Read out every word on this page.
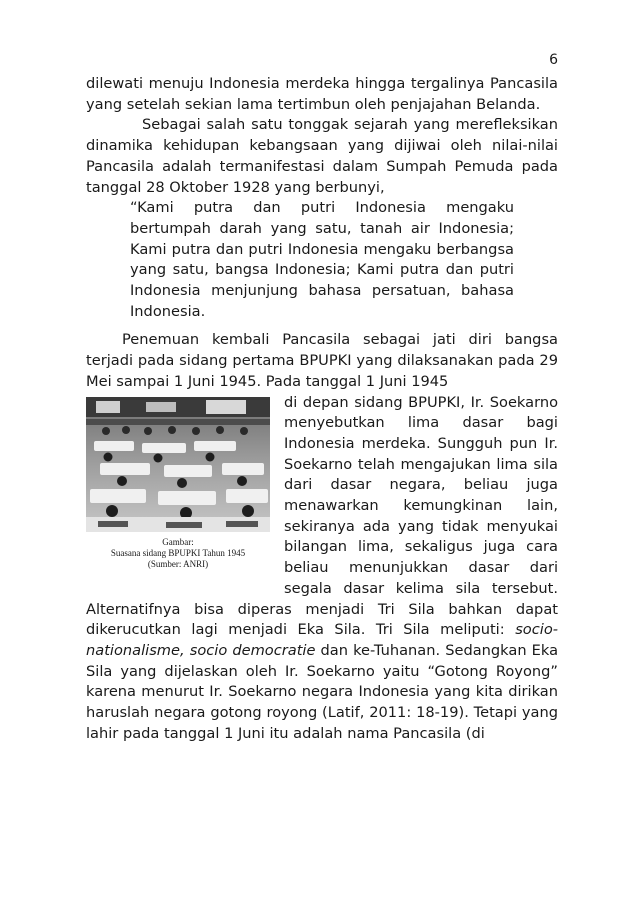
6

dilewati menuju Indonesia merdeka hingga tergalinya Pancasila yang setelah sekian lama tertimbun oleh penjajahan Belanda.

Sebagai salah satu tonggak sejarah yang merefleksikan dinamika kehidupan kebangsaan yang dijiwai oleh nilai-nilai Pancasila adalah termanifestasi dalam Sumpah Pemuda pada tanggal 28 Oktober 1928 yang berbunyi,

“Kami putra dan putri Indonesia mengaku bertumpah darah yang satu, tanah air Indonesia; Kami putra dan putri Indonesia mengaku berbangsa yang satu, bangsa Indonesia; Kami putra dan putri Indonesia menjunjung bahasa persatuan, bahasa Indonesia.

Penemuan kembali Pancasila sebagai jati diri bangsa terjadi pada sidang pertama BPUPKI yang dilaksanakan pada 29 Mei sampai 1 Juni 1945. Pada tanggal 1 Juni 1945

Gambar:
Suasana sidang BPUPKI Tahun 1945
(Sumber: ANRI)

di depan sidang BPUPKI, Ir. Soekarno menyebutkan lima dasar bagi Indonesia merdeka. Sungguh pun Ir. Soekarno telah mengajukan lima sila dari dasar negara, beliau juga menawarkan kemungkinan lain, sekiranya ada yang tidak menyukai bilangan lima, sekaligus juga cara beliau menunjukkan dasar dari segala dasar kelima sila tersebut. Alternatifnya bisa diperas menjadi Tri Sila bahkan dapat dikerucutkan lagi menjadi Eka Sila. Tri Sila meliputi: socio-nationalisme, socio democratie dan ke-Tuhanan. Sedangkan Eka Sila yang dijelaskan oleh Ir. Soekarno yaitu “Gotong Royong” karena menurut Ir. Soekarno negara Indonesia yang kita dirikan haruslah negara gotong royong (Latif, 2011: 18-19). Tetapi yang lahir pada tanggal 1 Juni itu adalah nama Pancasila (di
